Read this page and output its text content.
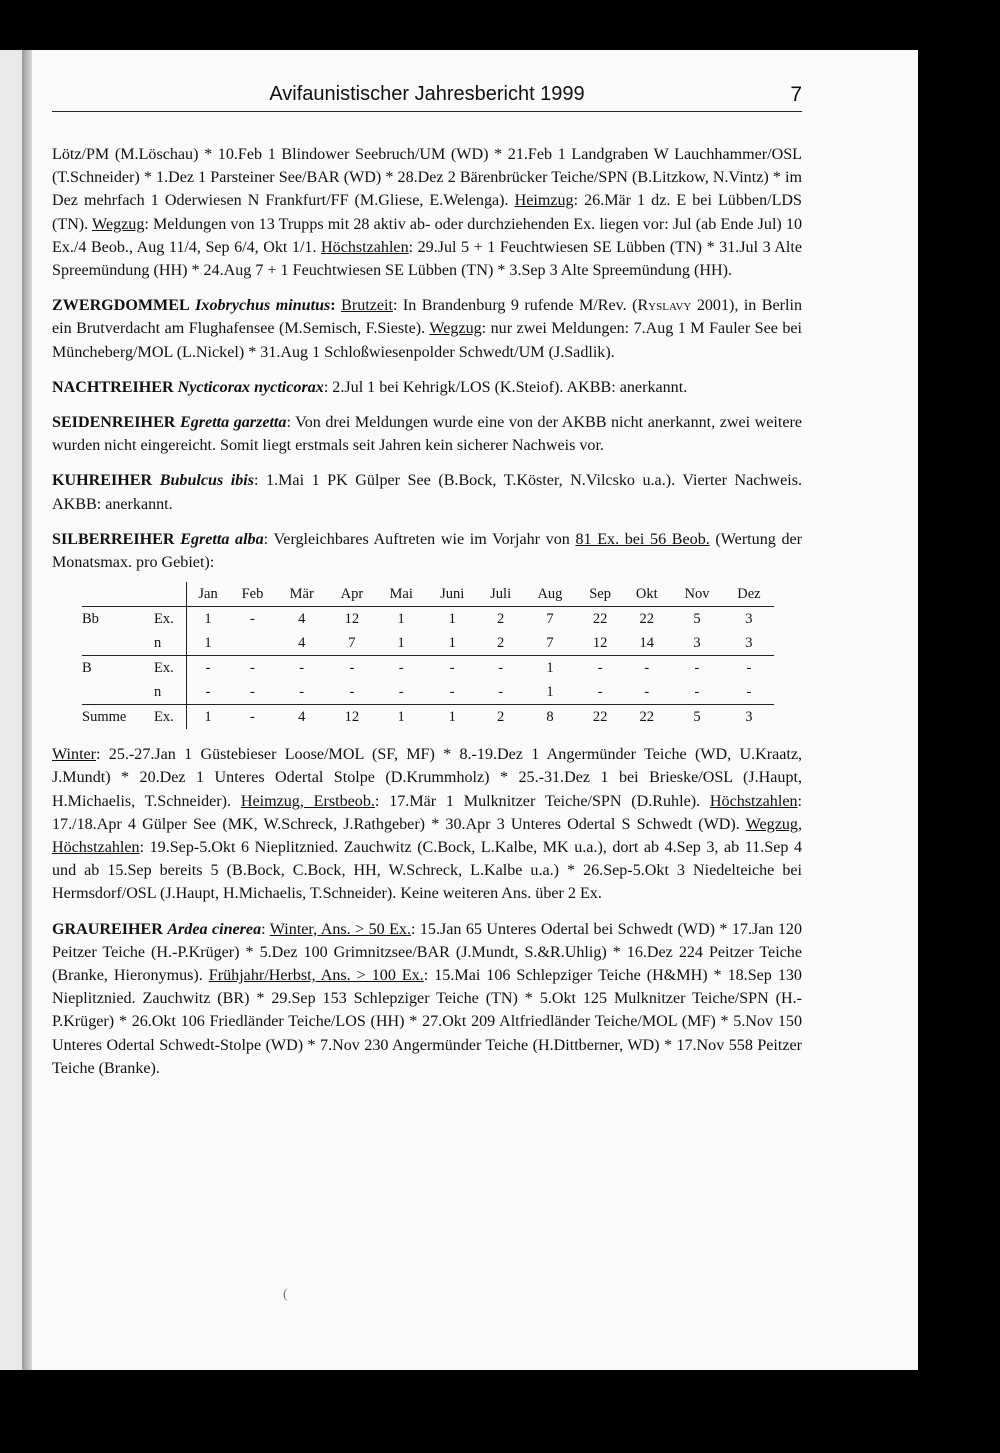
Avifaunistischer Jahresbericht 1999	7

Lötz/PM (M.Löschau) * 10.Feb 1 Blindower Seebruch/UM (WD) * 21.Feb 1 Landgraben W Lauchhammer/OSL (T.Schneider) * 1.Dez 1 Parsteiner See/BAR (WD) * 28.Dez 2 Bärenbrücker Teiche/SPN (B.Litzkow, N.Vintz) * im Dez mehrfach 1 Oderwiesen N Frankfurt/FF (M.Gliese, E.Welenga). Heimzug: 26.Mär 1 dz. E bei Lübben/LDS (TN). Wegzug: Meldungen von 13 Trupps mit 28 aktiv ab- oder durchziehenden Ex. liegen vor: Jul (ab Ende Jul) 10 Ex./4 Beob., Aug 11/4, Sep 6/4, Okt 1/1. Höchstzahlen: 29.Jul 5 + 1 Feuchtwiesen SE Lübben (TN) * 31.Jul 3 Alte Spreemündung (HH) * 24.Aug 7 + 1 Feuchtwiesen SE Lübben (TN) * 3.Sep 3 Alte Spreemündung (HH).

ZWERGDOMMEL Ixobrychus minutus: Brutzeit: In Brandenburg 9 rufende M/Rev. (Ryslavy 2001), in Berlin ein Brutverdacht am Flughafensee (M.Semisch, F.Sieste). Wegzug: nur zwei Meldungen: 7.Aug 1 M Fauler See bei Müncheberg/MOL (L.Nickel) * 31.Aug 1 Schloßwiesenpolder Schwedt/UM (J.Sadlik).

NACHTREIHER Nycticorax nycticorax: 2.Jul 1 bei Kehrigk/LOS (K.Steiof). AKBB: anerkannt.

SEIDENREIHER Egretta garzetta: Von drei Meldungen wurde eine von der AKBB nicht anerkannt, zwei weitere wurden nicht eingereicht. Somit liegt erstmals seit Jahren kein sicherer Nachweis vor.

KUHREIHER Bubulcus ibis: 1.Mai 1 PK Gülper See (B.Bock, T.Köster, N.Vilcsko u.a.). Vierter Nachweis. AKBB: anerkannt.

SILBERREIHER Egretta alba: Vergleichbares Auftreten wie im Vorjahr von 81 Ex. bei 56 Beob. (Wertung der Monatsmax. pro Gebiet):

		Jan	Feb	Mär	Apr	Mai	Juni	Juli	Aug	Sep	Okt	Nov	Dez
Bb	Ex.	1	-	4	12	1	1	2	7	22	22	5	3
	n	1		4	7	1	1	2	7	12	14	3	3
B	Ex.	-	-	-	-	-	-	-	1	-	-	-	-
	n	-	-	-	-	-	-	-	1	-	-	-	-
Summe	Ex.	1	-	4	12	1	1	2	8	22	22	5	3

Winter: 25.-27.Jan 1 Güstebieser Loose/MOL (SF, MF) * 8.-19.Dez 1 Angermünder Teiche (WD, U.Kraatz, J.Mundt) * 20.Dez 1 Unteres Odertal Stolpe (D.Krummholz) * 25.-31.Dez 1 bei Brieske/OSL (J.Haupt, H.Michaelis, T.Schneider). Heimzug, Erstbeob.: 17.Mär 1 Mulknitzer Teiche/SPN (D.Ruhle). Höchstzahlen: 17./18.Apr 4 Gülper See (MK, W.Schreck, J.Rathgeber) * 30.Apr 3 Unteres Odertal S Schwedt (WD). Wegzug, Höchstzahlen: 19.Sep-5.Okt 6 Nieplitznied. Zauchwitz (C.Bock, L.Kalbe, MK u.a.), dort ab 4.Sep 3, ab 11.Sep 4 und ab 15.Sep bereits 5 (B.Bock, C.Bock, HH, W.Schreck, L.Kalbe u.a.) * 26.Sep-5.Okt 3 Niedelteiche bei Hermsdorf/OSL (J.Haupt, H.Michaelis, T.Schneider). Keine weiteren Ans. über 2 Ex.

GRAUREIHER Ardea cinerea: Winter, Ans. > 50 Ex.: 15.Jan 65 Unteres Odertal bei Schwedt (WD) * 17.Jan 120 Peitzer Teiche (H.-P.Krüger) * 5.Dez 100 Grimnitzsee/BAR (J.Mundt, S.&R.Uhlig) * 16.Dez 224 Peitzer Teiche (Branke, Hieronymus). Frühjahr/Herbst, Ans. > 100 Ex.: 15.Mai 106 Schlepziger Teiche (H&MH) * 18.Sep 130 Nieplitznied. Zauchwitz (BR) * 29.Sep 153 Schlepziger Teiche (TN) * 5.Okt 125 Mulknitzer Teiche/SPN (H.-P.Krüger) * 26.Okt 106 Friedländer Teiche/LOS (HH) * 27.Okt 209 Altfriedländer Teiche/MOL (MF) * 5.Nov 150 Unteres Odertal Schwedt-Stolpe (WD) * 7.Nov 230 Angermünder Teiche (H.Dittberner, WD) * 17.Nov 558 Peitzer Teiche (Branke).

(
